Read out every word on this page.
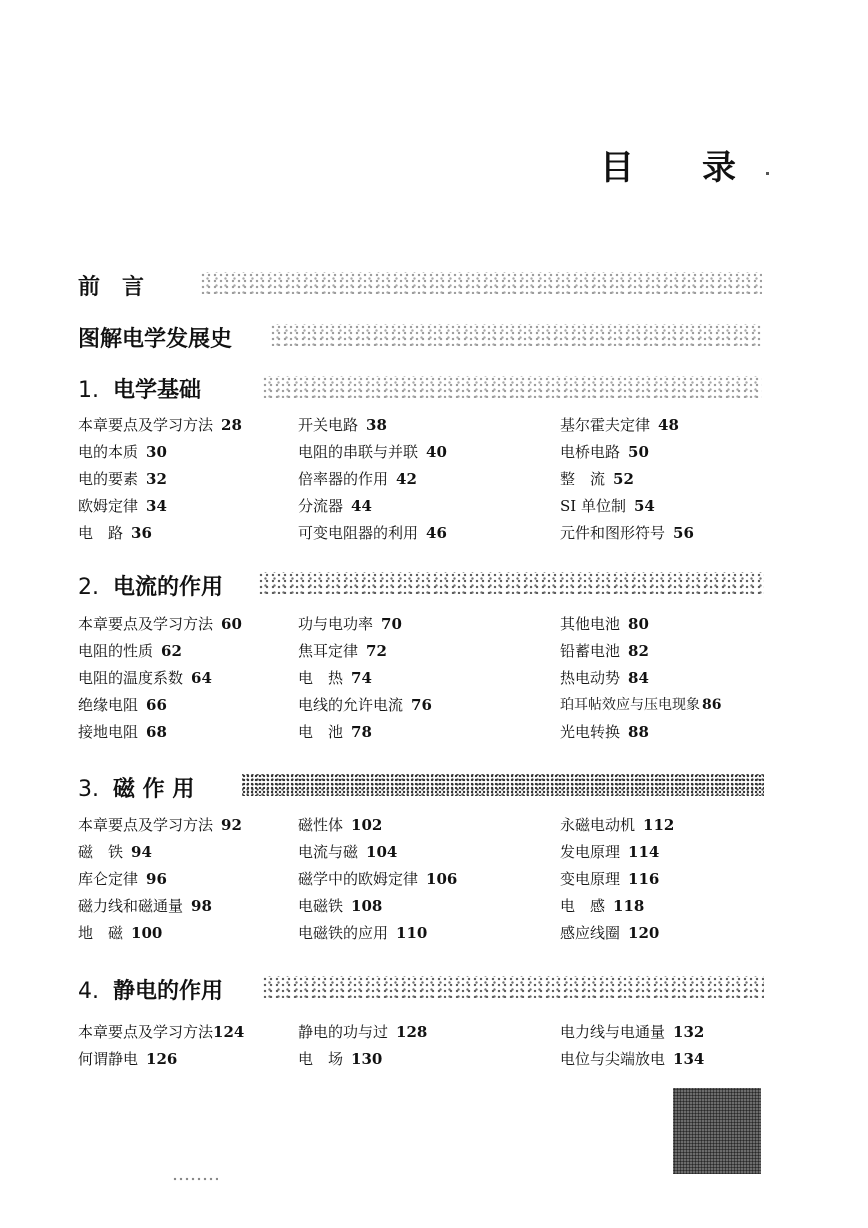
目 录
前　言
图解电学发展史
1. 电学基础
本章要点及学习方法 28
电的本质 30
电的要素 32
欧姆定律 34
电　路 36
开关电路 38
电阻的串联与并联 40
倍率器的作用 42
分流器 44
可变电阻器的利用 46
基尔霍夫定律 48
电桥电路 50
整　流 52
SI 单位制 54
元件和图形符号 56
2. 电流的作用
本章要点及学习方法 60
电阻的性质 62
电阻的温度系数 64
绝缘电阻 66
接地电阻 68
功与电功率 70
焦耳定律 72
电　热 74
电线的允许电流 76
电　池 78
其他电池 80
铅蓄电池 82
热电动势 84
珀耳帖效应与压电现象 86
光电转换 88
3. 磁 作 用
本章要点及学习方法 92
磁　铁 94
库仑定律 96
磁力线和磁通量 98
地　磁 100
磁性体 102
电流与磁 104
磁学中的欧姆定律 106
电磁铁 108
电磁铁的应用 110
永磁电动机 112
发电原理 114
变电原理 116
电　感 118
感应线圈 120
4. 静电的作用
本章要点及学习方法124
何谓静电 126
静电的功与过 128
电　场 130
电力线与电通量 132
电位与尖端放电 134
